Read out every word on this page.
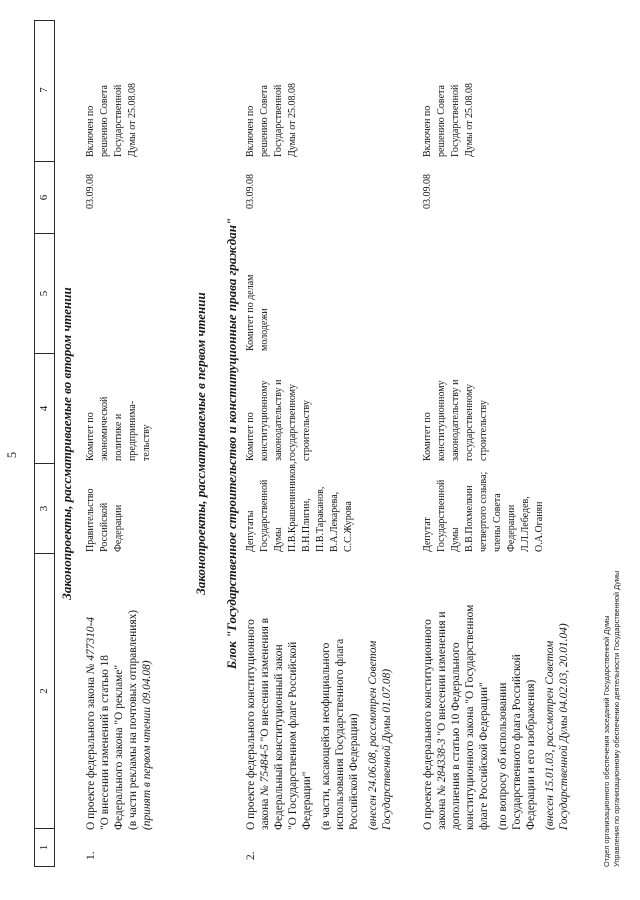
5
1
2
3
4
5
6
7
Законопроекты, рассматриваемые во втором чтении
1.
О проекте федерального закона № 477310-4
"О внесении изменений в статью 18 Федерального закона "О рекламе" (в части рекламы на почтовых отправлениях) (принят в первом чтении 09.04.08)
Правительство Российской Федерации
Комитет по экономической политике и предпринима- тельству
03.09.08
Включен по решению Совета Государственной Думы от 25.08.08
Законопроекты, рассматриваемые в первом чтении Блок "Государственное строительство и конституционные права граждан"
2.
О проекте федерального конституционного закона № 75484-5 "О внесении изменения в Федеральный конституционный закон "О Государственном флаге Российской Федерации" (в части, касающейся неофициального использования Государственного флага Российской Федерации) (внесен 24.06.08, рассмотрен Советом Государственной Думы 01.07.08)
Депутаты Государственной Думы П.В.Крашенинников, В.Н.Плигин, П.В.Тараканов, В.А.Лекарева, С.С.Журова
Комитет по конституционному законодательству и государственному строительству
Комитет по делам молодежи
03.09.08
Включен по решению Совета Государственной Думы от 25.08.08
О проекте федерального конституционного закона № 284338-3 "О внесении изменения и дополнения в статью 10 Федерального конституционного закона "О Государственном флаге Российской Федерации" (по вопросу об использовании Государственного флага Российской Федерации и его изображения) (внесен 15.01.03, рассмотрен Советом Государственной Думы 04.02.03, 20.01.04)
Депутат Государственной Думы В.В.Похмелкин четвертого созыва; члены Совета Федерации Л.Л.Лебедев, О.А.Оганян
Комитет по конституционному законодательству и государственному строительству
03.09.08
Включен по решению Совета Государственной Думы от 25.08.08
Отдел организационного обеспечения заседаний Государственной Думы Управления по организационному обеспечению деятельности Государственной Думы
